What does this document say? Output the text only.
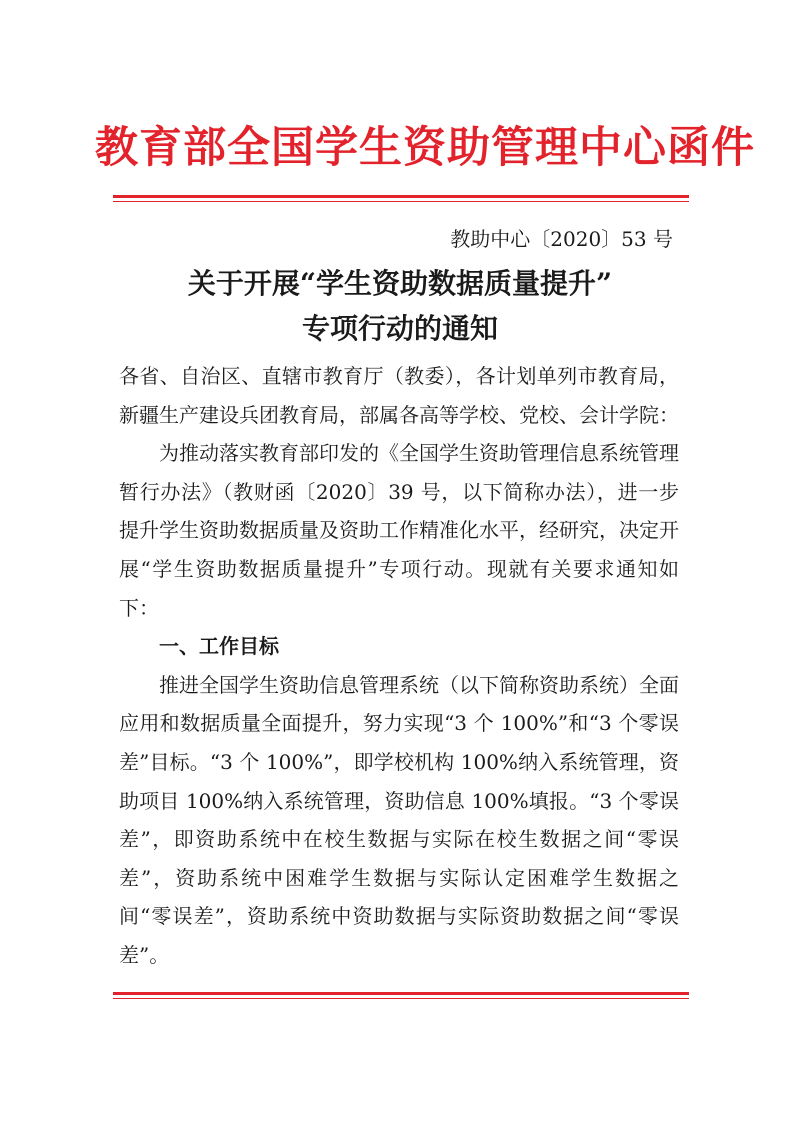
教育部全国学生资助管理中心函件
教助中心〔2020〕53 号
关于开展“学生资助数据质量提升”
专项行动的通知

各省、自治区、直辖市教育厅（教委），各计划单列市教育局，新疆生产建设兵团教育局，部属各高等学校、党校、会计学院：

为推动落实教育部印发的《全国学生资助管理信息系统管理暂行办法》（教财函〔2020〕39 号，以下简称办法），进一步提升学生资助数据质量及资助工作精准化水平，经研究，决定开展“学生资助数据质量提升”专项行动。现就有关要求通知如下：

一、工作目标

推进全国学生资助信息管理系统（以下简称资助系统）全面应用和数据质量全面提升，努力实现“3 个 100%”和“3 个零误差”目标。“3 个 100%”，即学校机构 100%纳入系统管理，资助项目 100%纳入系统管理，资助信息 100%填报。“3 个零误差”，即资助系统中在校生数据与实际在校生数据之间“零误差”，资助系统中困难学生数据与实际认定困难学生数据之间“零误差”，资助系统中资助数据与实际资助数据之间“零误差”。
